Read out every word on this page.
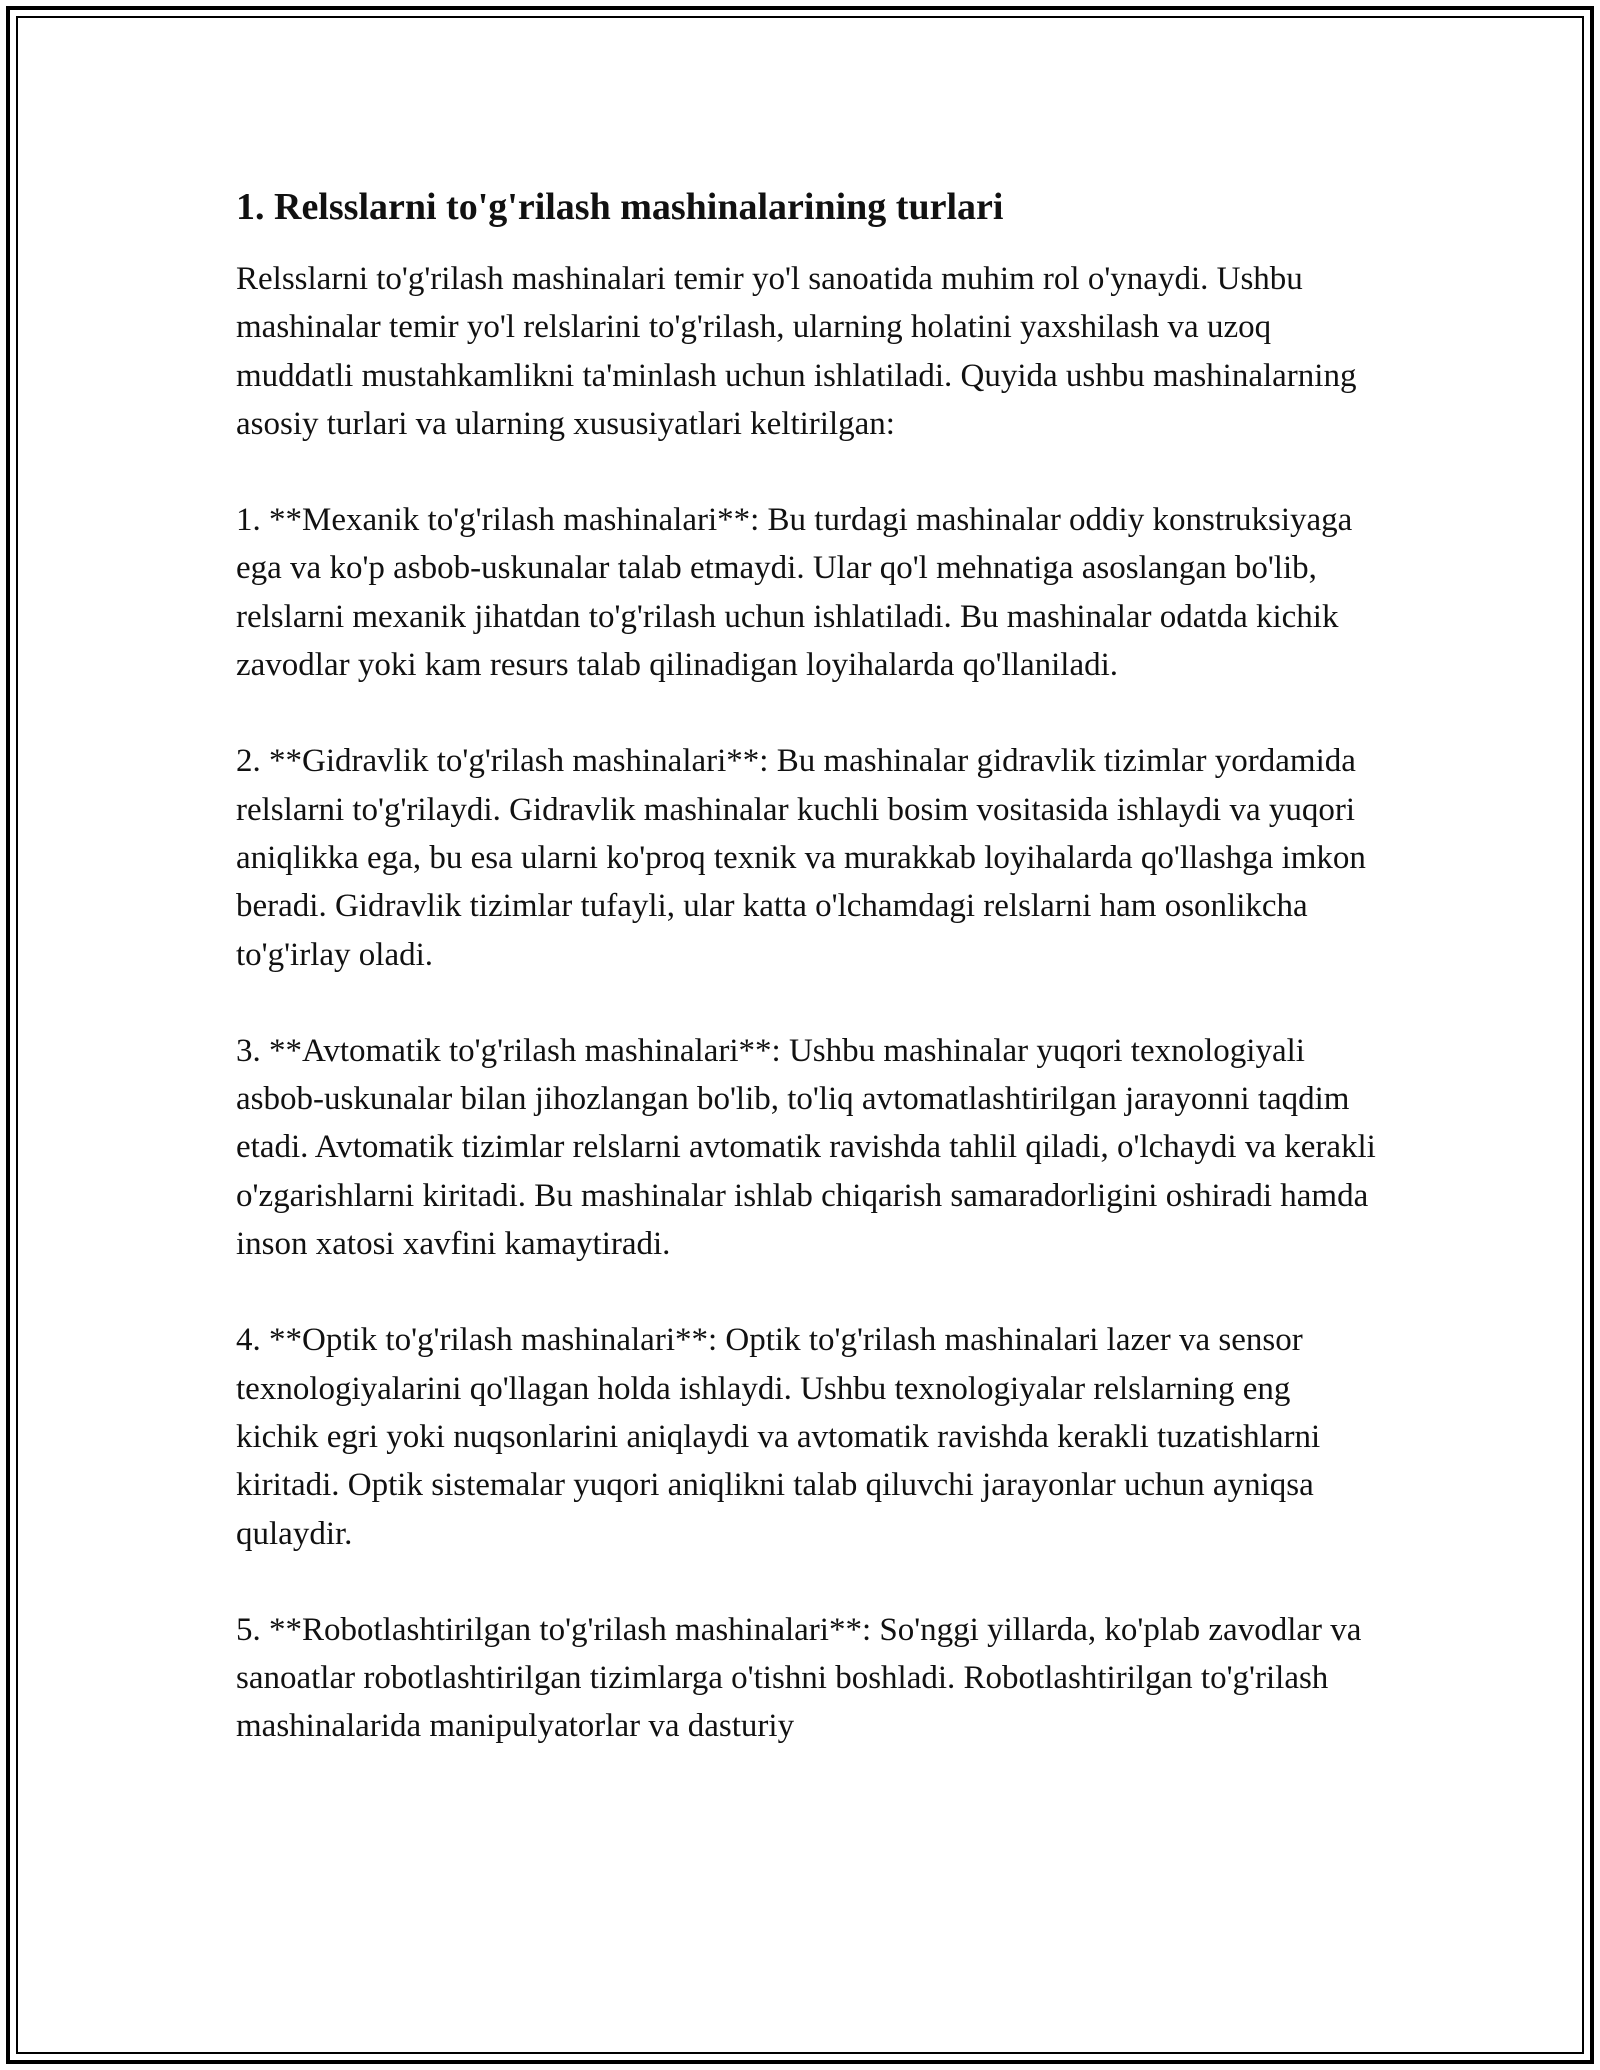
1. Relsslarni to'g'rilash mashinalarining turlari

Relsslarni to'g'rilash mashinalari temir yo'l sanoatida muhim rol o'ynaydi. Ushbu mashinalar temir yo'l relslarini to'g'rilash, ularning holatini yaxshilash va uzoq muddatli mustahkamlikni ta'minlash uchun ishlatiladi. Quyida ushbu mashinalarning asosiy turlari va ularning xususiyatlari keltirilgan:

1. **Mexanik to'g'rilash mashinalari**: Bu turdagi mashinalar oddiy konstruksiyaga ega va ko'p asbob-uskunalar talab etmaydi. Ular qo'l mehnatiga asoslangan bo'lib, relslarni mexanik jihatdan to'g'rilash uchun ishlatiladi. Bu mashinalar odatda kichik zavodlar yoki kam resurs talab qilinadigan loyihalarda qo'llaniladi.

2. **Gidravlik to'g'rilash mashinalari**: Bu mashinalar gidravlik tizimlar yordamida relslarni to'g'rilaydi. Gidravlik mashinalar kuchli bosim vositasida ishlaydi va yuqori aniqlikka ega, bu esa ularni ko'proq texnik va murakkab loyihalarda qo'llashga imkon beradi. Gidravlik tizimlar tufayli, ular katta o'lchamdagi relslarni ham osonlikcha to'g'irlay oladi.

3. **Avtomatik to'g'rilash mashinalari**: Ushbu mashinalar yuqori texnologiyali asbob-uskunalar bilan jihozlangan bo'lib, to'liq avtomatlashtirilgan jarayonni taqdim etadi. Avtomatik tizimlar relslarni avtomatik ravishda tahlil qiladi, o'lchaydi va kerakli o'zgarishlarni kiritadi. Bu mashinalar ishlab chiqarish samaradorligini oshiradi hamda inson xatosi xavfini kamaytiradi.

4. **Optik to'g'rilash mashinalari**: Optik to'g'rilash mashinalari lazer va sensor texnologiyalarini qo'llagan holda ishlaydi. Ushbu texnologiyalar relslarning eng kichik egri yoki nuqsonlarini aniqlaydi va avtomatik ravishda kerakli tuzatishlarni kiritadi. Optik sistemalar yuqori aniqlikni talab qiluvchi jarayonlar uchun ayniqsa qulaydir.

5. **Robotlashtirilgan to'g'rilash mashinalari**: So'nggi yillarda, ko'plab zavodlar va sanoatlar robotlashtirilgan tizimlarga o'tishni boshladi. Robotlashtirilgan to'g'rilash mashinalarida manipulyatorlar va dasturiy
